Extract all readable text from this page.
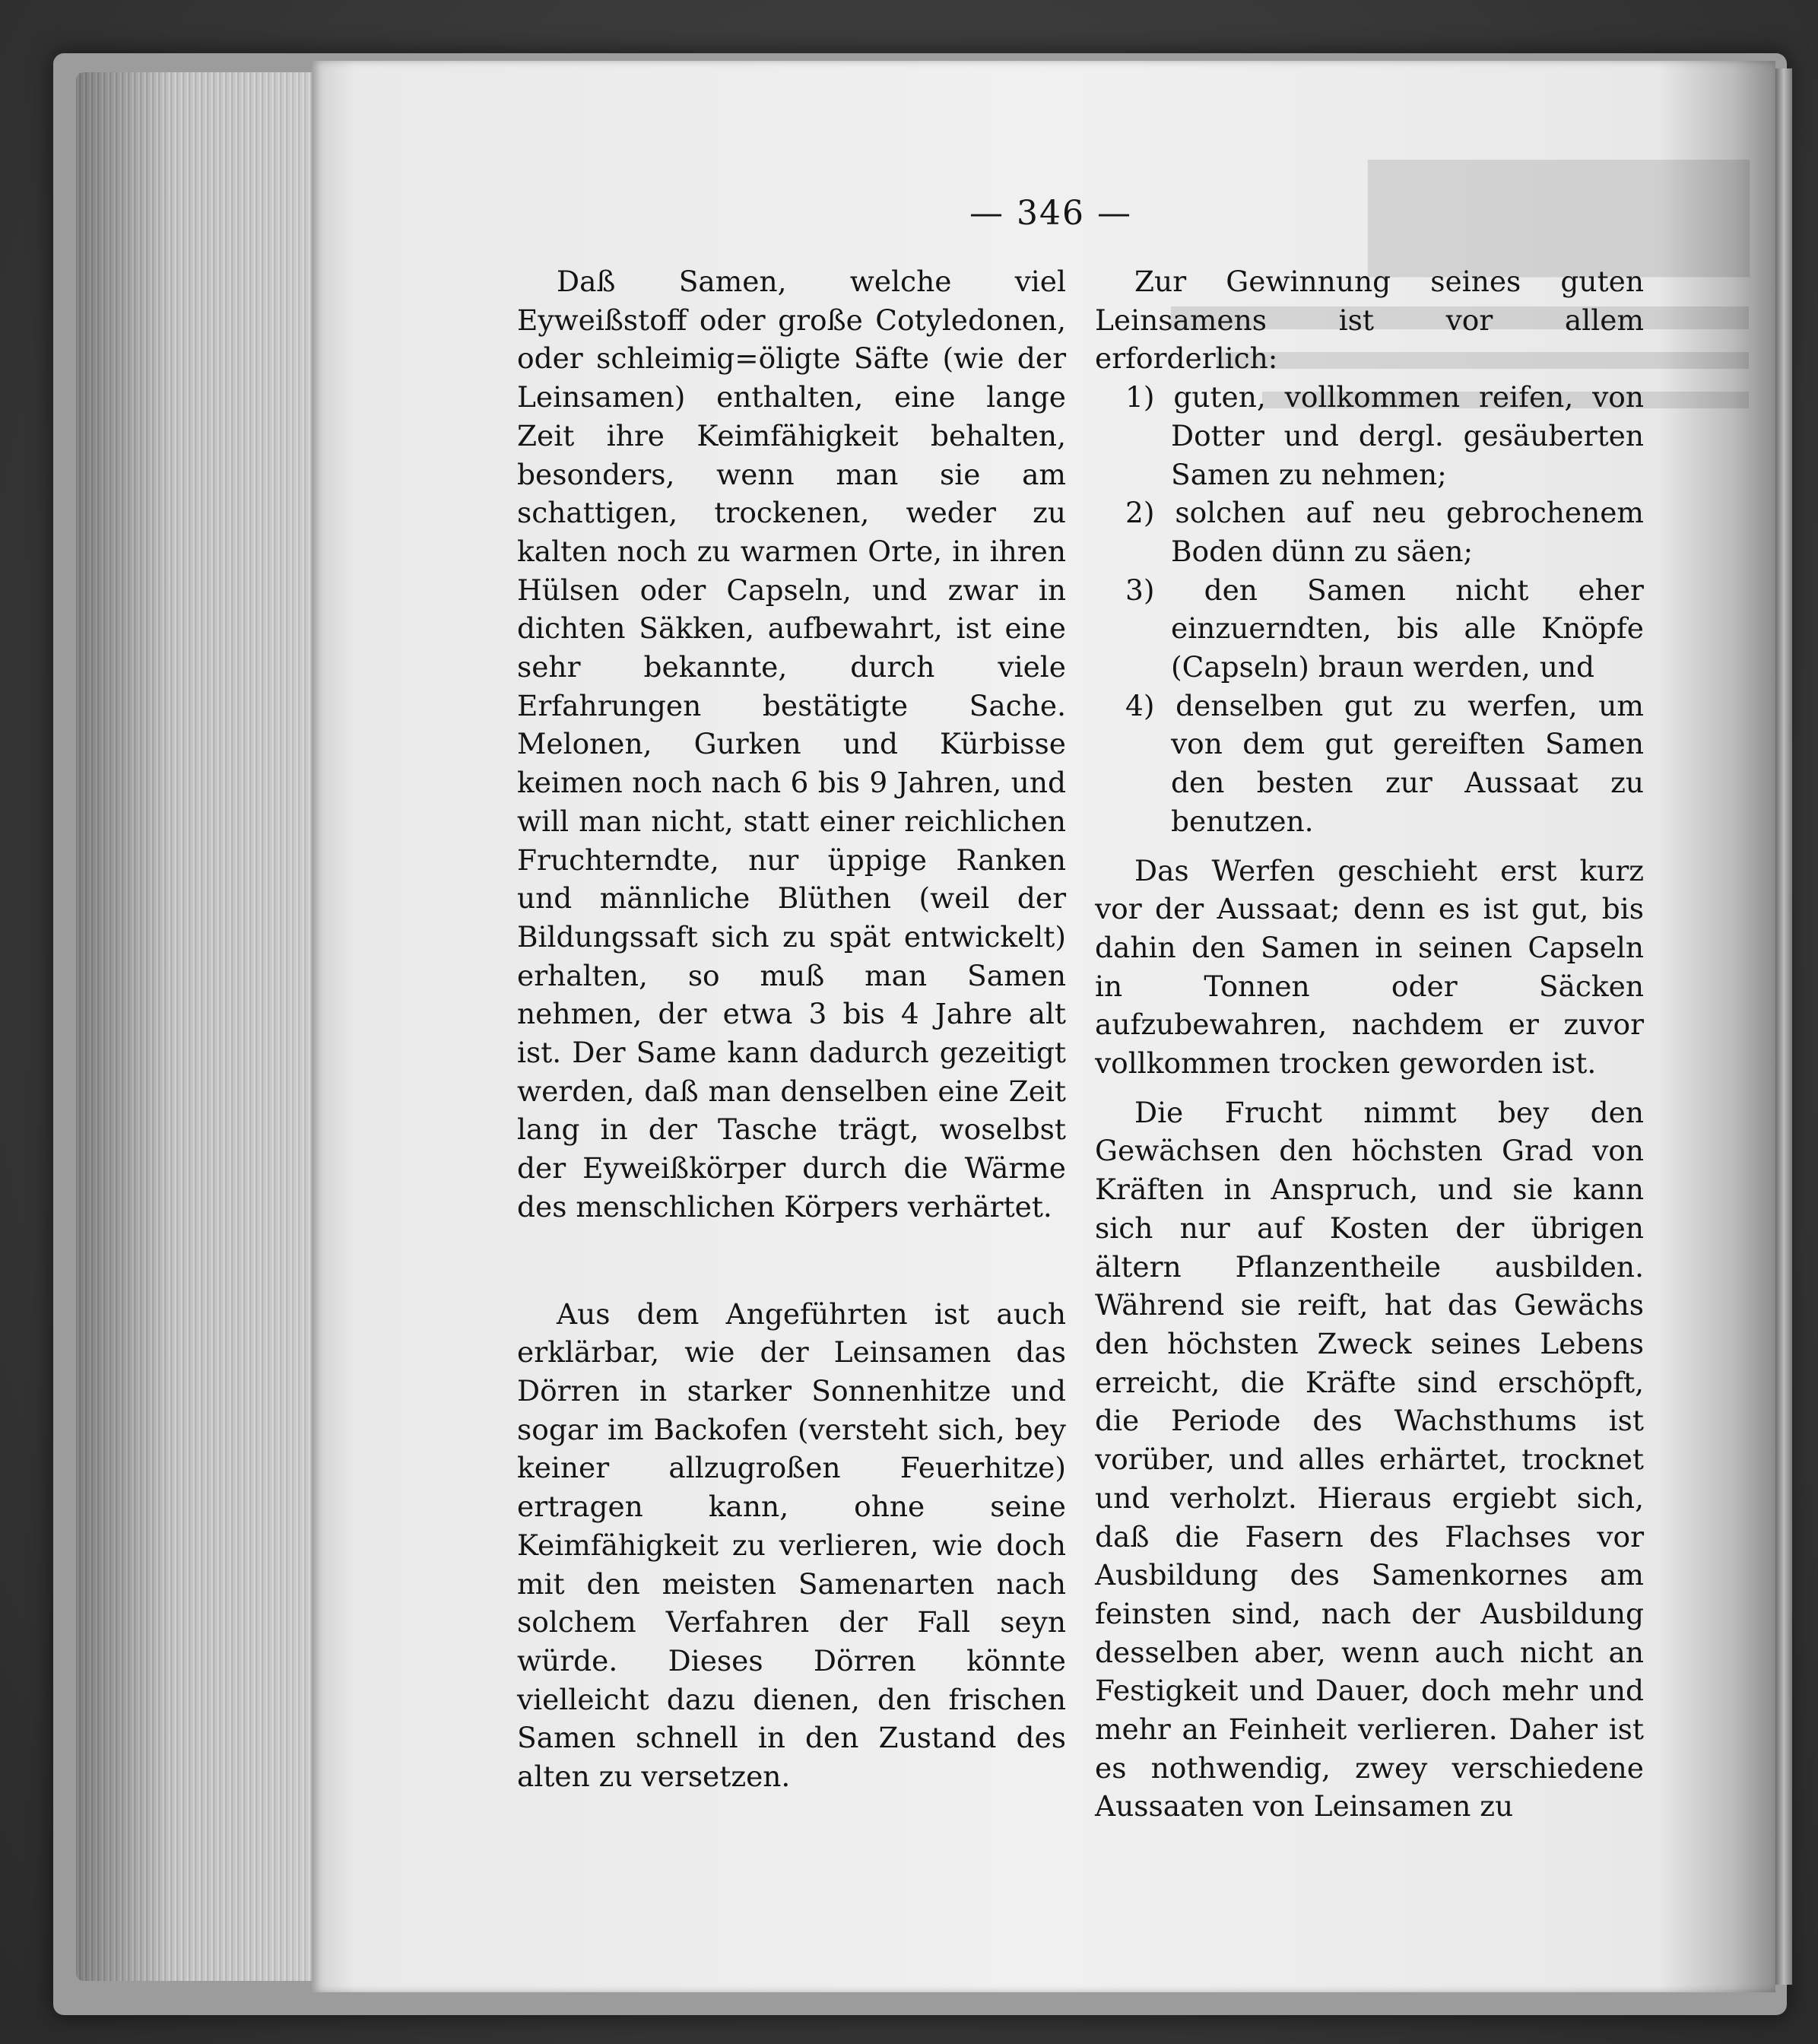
— 346 —

Daß Samen, welche viel Eyweißstoff oder große Cotyledonen, oder schleimig=öligte Säfte (wie der Leinsamen) enthalten, eine lange Zeit ihre Keimfähigkeit behalten, besonders, wenn man sie am schattigen, trockenen, weder zu kalten noch zu warmen Orte, in ihren Hülsen oder Capseln, und zwar in dichten Säkken, aufbewahrt, ist eine sehr bekannte, durch viele Erfahrungen bestätigte Sache. Melonen, Gurken und Kürbisse keimen noch nach 6 bis 9 Jahren, und will man nicht, statt einer reichlichen Fruchterndte, nur üppige Ranken und männliche Blüthen (weil der Bildungssaft sich zu spät entwickelt) erhalten, so muß man Samen nehmen, der etwa 3 bis 4 Jahre alt ist. Der Same kann dadurch gezeitigt werden, daß man denselben eine Zeit lang in der Tasche trägt, woselbst der Eyweißkörper durch die Wärme des menschlichen Körpers verhärtet.

Aus dem Angeführten ist auch erklärbar, wie der Leinsamen das Dörren in starker Sonnenhitze und sogar im Backofen (versteht sich, bey keiner allzugroßen Feuerhitze) ertragen kann, ohne seine Keimfähigkeit zu verlieren, wie doch mit den meisten Samenarten nach solchem Verfahren der Fall seyn würde. Dieses Dörren könnte vielleicht dazu dienen, den frischen Samen schnell in den Zustand des alten zu versetzen.

Zur Gewinnung seines guten Leinsamens ist vor allem erforderlich:

1) guten, vollkommen reifen, von Dotter und dergl. gesäuberten Samen zu nehmen;
2) solchen auf neu gebrochenem Boden dünn zu säen;
3) den Samen nicht eher einzuerndten, bis alle Knöpfe (Capseln) braun werden, und
4) denselben gut zu werfen, um von dem gut gereiften Samen den besten zur Aussaat zu benutzen.

Das Werfen geschieht erst kurz vor der Aussaat; denn es ist gut, bis dahin den Samen in seinen Capseln in Tonnen oder Säcken aufzubewahren, nachdem er zuvor vollkommen trocken geworden ist.

Die Frucht nimmt bey den Gewächsen den höchsten Grad von Kräften in Anspruch, und sie kann sich nur auf Kosten der übrigen ältern Pflanzentheile ausbilden. Während sie reift, hat das Gewächs den höchsten Zweck seines Lebens erreicht, die Kräfte sind erschöpft, die Periode des Wachsthums ist vorüber, und alles erhärtet, trocknet und verholzt. Hieraus ergiebt sich, daß die Fasern des Flachses vor Ausbildung des Samenkornes am feinsten sind, nach der Ausbildung desselben aber, wenn auch nicht an Festigkeit und Dauer, doch mehr und mehr an Feinheit verlieren. Daher ist es nothwendig, zwey verschiedene Aussaaten von Leinsamen zu
